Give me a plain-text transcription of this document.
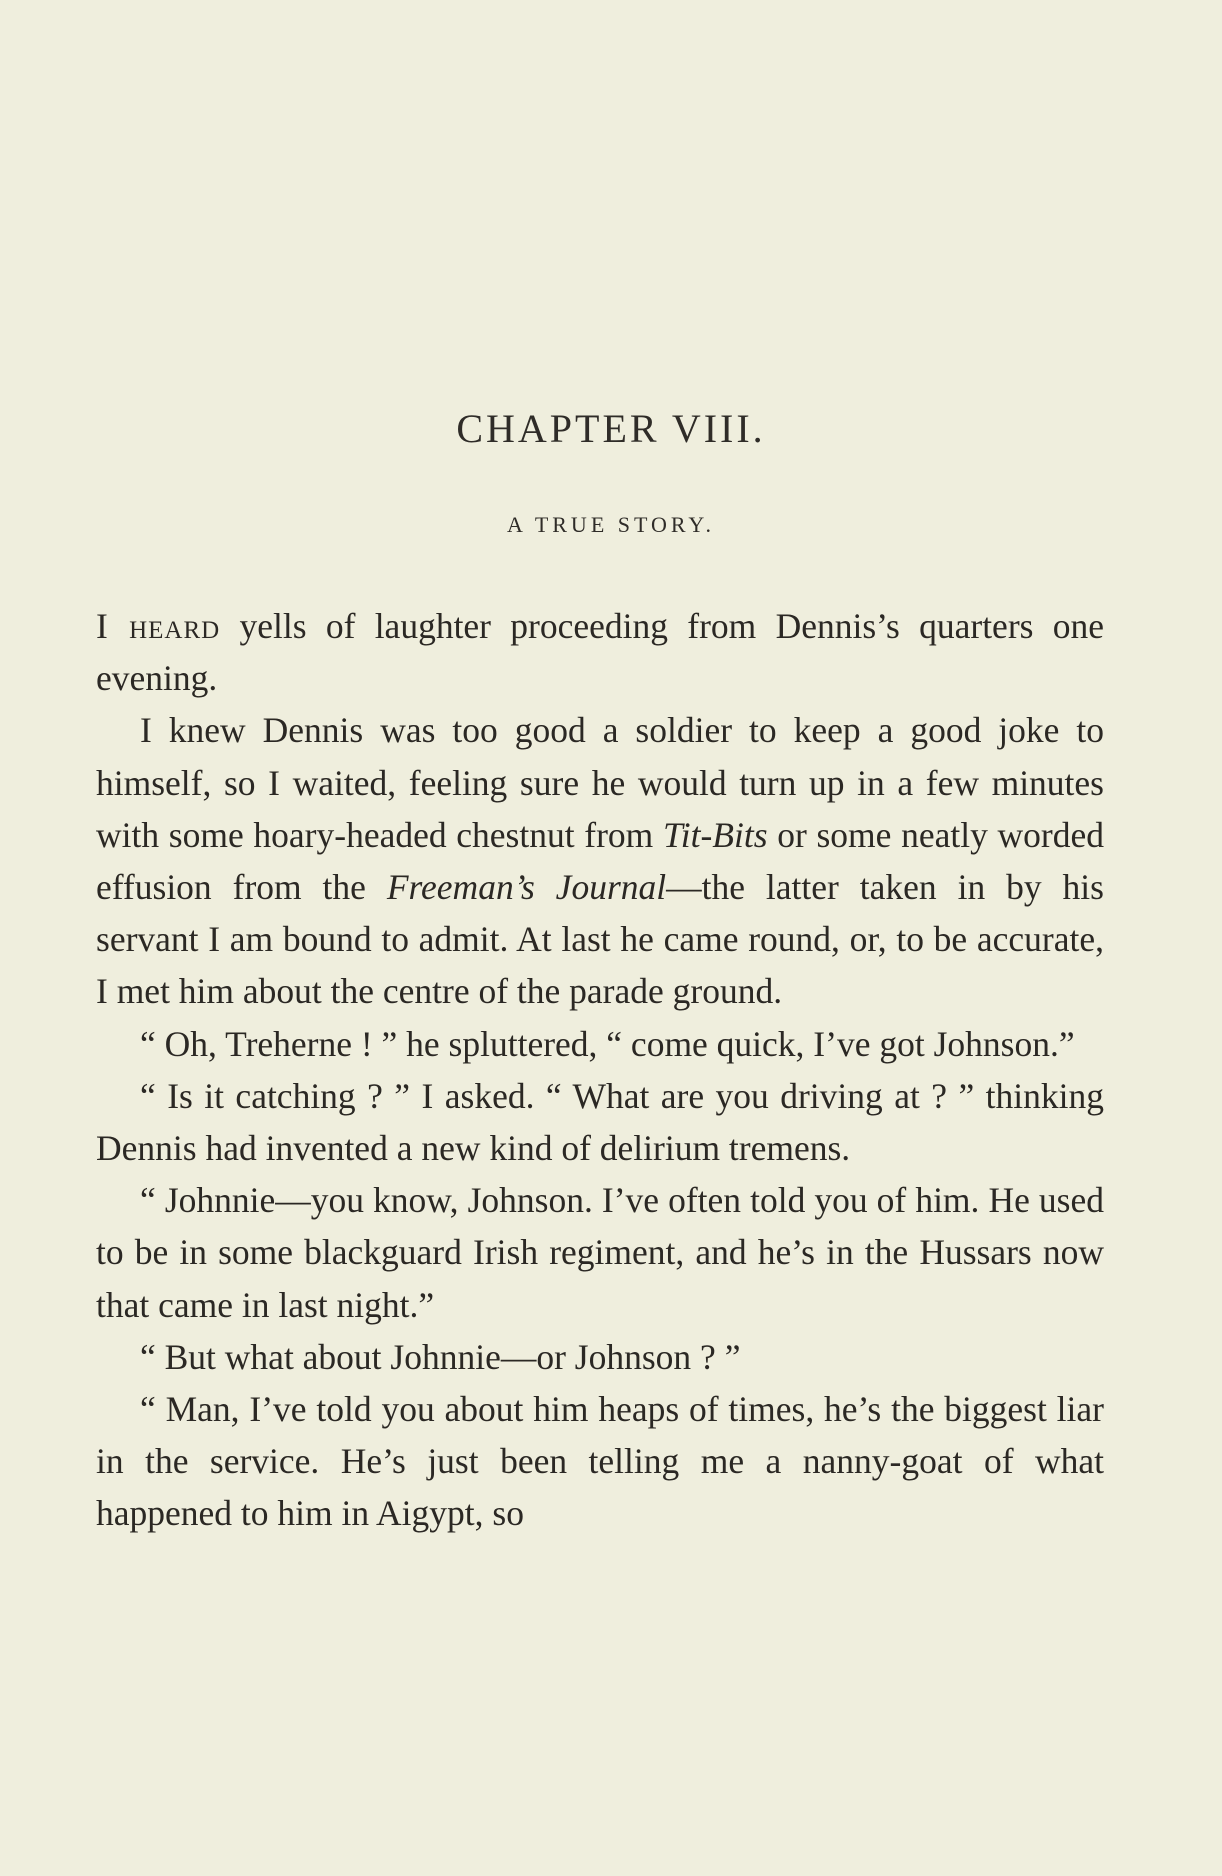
CHAPTER VIII.
A TRUE STORY.

I heard yells of laughter proceeding from Dennis’s quarters one evening.

I knew Dennis was too good a soldier to keep a good joke to himself, so I waited, feeling sure he would turn up in a few minutes with some hoary-headed chestnut from Tit-Bits or some neatly worded effusion from the Freeman’s Journal—the latter taken in by his servant I am bound to admit. At last he came round, or, to be accurate, I met him about the centre of the parade ground.

“ Oh, Treherne ! ” he spluttered, “ come quick, I’ve got Johnson.”

“ Is it catching ? ” I asked. “ What are you driving at ? ” thinking Dennis had invented a new kind of delirium tremens.

“ Johnnie—you know, Johnson. I’ve often told you of him. He used to be in some blackguard Irish regiment, and he’s in the Hussars now that came in last night.”

“ But what about Johnnie—or Johnson ? ”

“ Man, I’ve told you about him heaps of times, he’s the biggest liar in the service. He’s just been telling me a nanny-goat of what happened to him in Aigypt, so
